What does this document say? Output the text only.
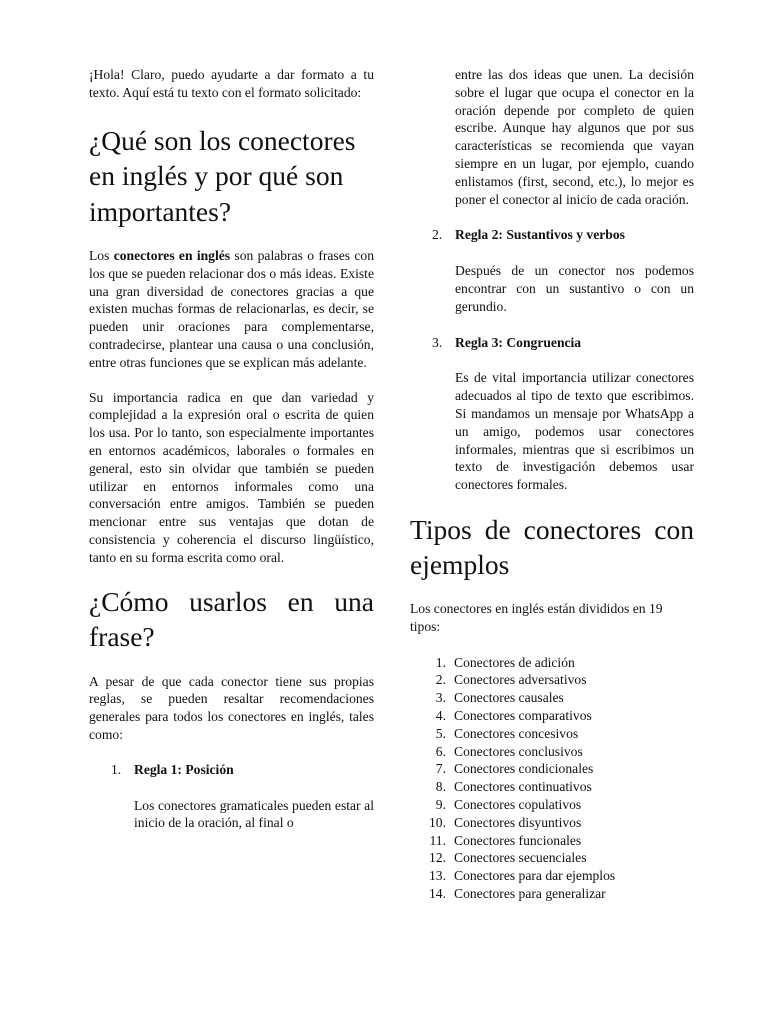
¡Hola! Claro, puedo ayudarte a dar formato a tu texto. Aquí está tu texto con el formato solicitado:

¿Qué son los conectores en inglés y por qué son importantes?

Los conectores en inglés son palabras o frases con los que se pueden relacionar dos o más ideas. Existe una gran diversidad de conectores gracias a que existen muchas formas de relacionarlas, es decir, se pueden unir oraciones para complementarse, contradecirse, plantear una causa o una conclusión, entre otras funciones que se explican más adelante.

Su importancia radica en que dan variedad y complejidad a la expresión oral o escrita de quien los usa. Por lo tanto, son especialmente importantes en entornos académicos, laborales o formales en general, esto sin olvidar que también se pueden utilizar en entornos informales como una conversación entre amigos. También se pueden mencionar entre sus ventajas que dotan de consistencia y coherencia el discurso lingüístico, tanto en su forma escrita como oral.

¿Cómo usarlos en una frase?

A pesar de que cada conector tiene sus propias reglas, se pueden resaltar recomendaciones generales para todos los conectores en inglés, tales como:

1. Regla 1: Posición

Los conectores gramaticales pueden estar al inicio de la oración, al final o

entre las dos ideas que unen. La decisión sobre el lugar que ocupa el conector en la oración depende por completo de quien escribe. Aunque hay algunos que por sus características se recomienda que vayan siempre en un lugar, por ejemplo, cuando enlistamos (first, second, etc.), lo mejor es poner el conector al inicio de cada oración.

2. Regla 2: Sustantivos y verbos

Después de un conector nos podemos encontrar con un sustantivo o con un gerundio.

3. Regla 3: Congruencia

Es de vital importancia utilizar conectores adecuados al tipo de texto que escribimos. Si mandamos un mensaje por WhatsApp a un amigo, podemos usar conectores informales, mientras que si escribimos un texto de investigación debemos usar conectores formales.

Tipos de conectores con ejemplos

Los conectores en inglés están divididos en 19 tipos:

1. Conectores de adición
2. Conectores adversativos
3. Conectores causales
4. Conectores comparativos
5. Conectores concesivos
6. Conectores conclusivos
7. Conectores condicionales
8. Conectores continuativos
9. Conectores copulativos
10. Conectores disyuntivos
11. Conectores funcionales
12. Conectores secuenciales
13. Conectores para dar ejemplos
14. Conectores para generalizar
